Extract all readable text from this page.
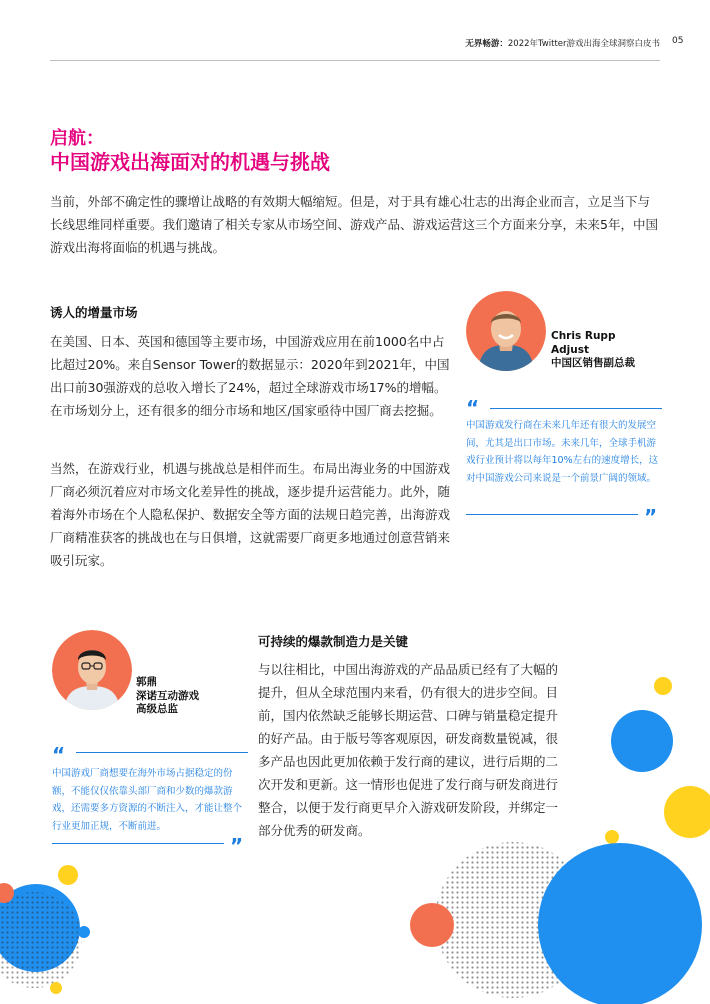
无界畅游：2022年Twitter游戏出海全球洞察白皮书 05
启航：
中国游戏出海面对的机遇与挑战
当前，外部不确定性的骤增让战略的有效期大幅缩短。但是，对于具有雄心壮志的出海企业而言，立足当下与长线思维同样重要。我们邀请了相关专家从市场空间、游戏产品、游戏运营这三个方面来分享，未来5年，中国游戏出海将面临的机遇与挑战。
诱人的增量市场
在美国、日本、英国和德国等主要市场，中国游戏应用在前1000名中占比超过20%。来自Sensor Tower的数据显示：2020年到2021年，中国出口前30强游戏的总收入增长了24%，超过全球游戏市场17%的增幅。在市场划分上，还有很多的细分市场和地区/国家亟待中国厂商去挖掘。
当然，在游戏行业，机遇与挑战总是相伴而生。布局出海业务的中国游戏厂商必须沉着应对市场文化差异性的挑战，逐步提升运营能力。此外，随着海外市场在个人隐私保护、数据安全等方面的法规日趋完善，出海游戏厂商精准获客的挑战也在与日俱增，这就需要厂商更多地通过创意营销来吸引玩家。
Chris Rupp
Adjust
中国区销售副总裁
“
中国游戏发行商在未来几年还有很大的发展空间，尤其是出口市场。未来几年，全球手机游戏行业预计将以每年10%左右的速度增长，这对中国游戏公司来说是一个前景广阔的领域。
”
郭鼎
深诺互动游戏
高级总监
“
中国游戏厂商想要在海外市场占据稳定的份额，不能仅仅依靠头部厂商和少数的爆款游戏，还需要多方资源的不断注入，才能让整个行业更加正规，不断前进。
”
可持续的爆款制造力是关键
与以往相比，中国出海游戏的产品品质已经有了大幅的提升，但从全球范围内来看，仍有很大的进步空间。目前，国内依然缺乏能够长期运营、口碑与销量稳定提升的好产品。由于版号等客观原因，研发商数量锐减，很多产品也因此更加依赖于发行商的建议，进行后期的二次开发和更新。这一情形也促进了发行商与研发商进行整合，以便于发行商更早介入游戏研发阶段，并绑定一部分优秀的研发商。
